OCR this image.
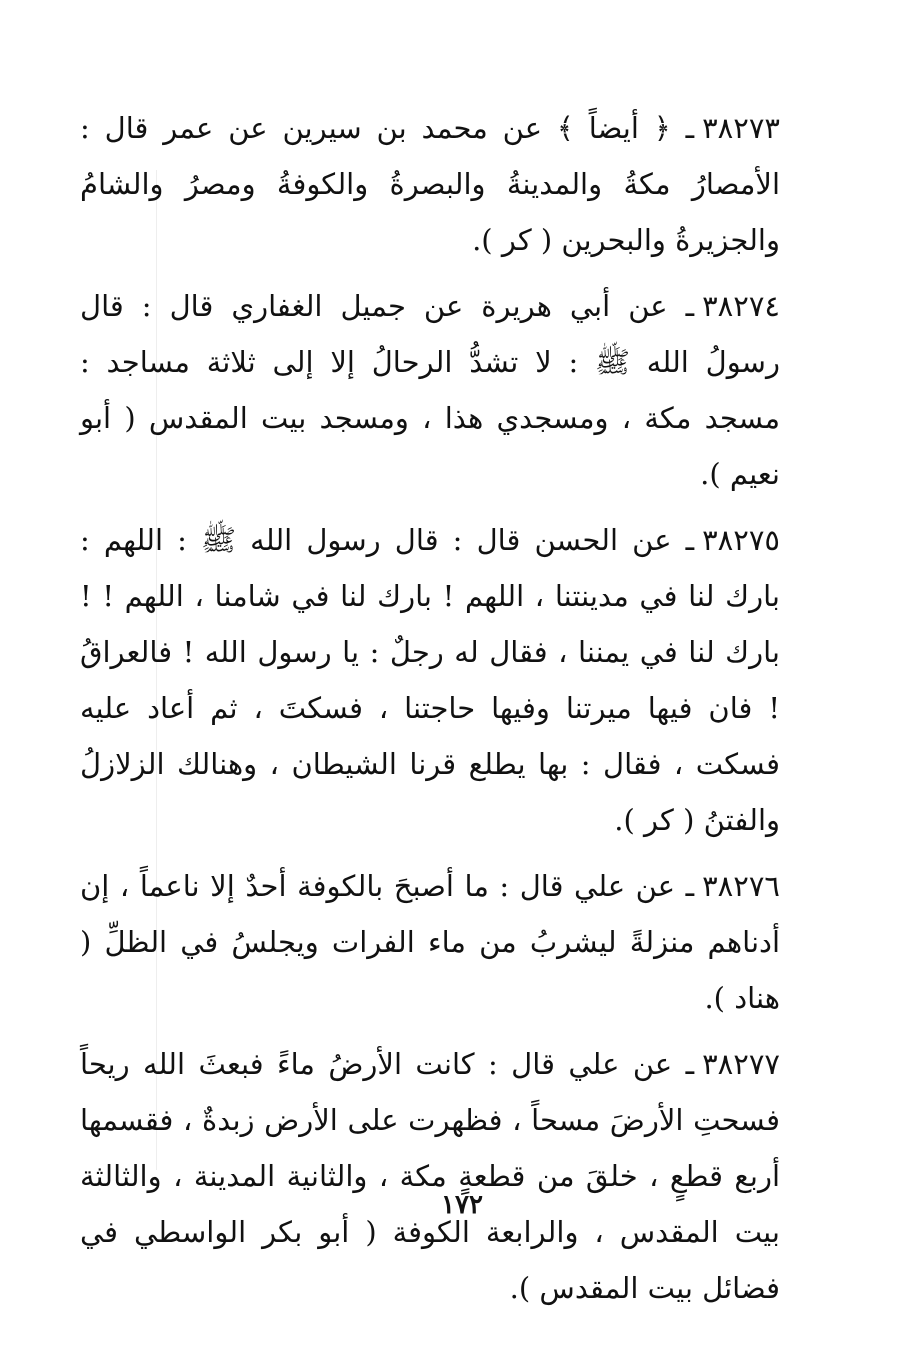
٣٨٢٧٣ـ ﴿ أيضاً ﴾ عن محمد بن سيرين عن عمر قال : الأمصارُ مكةُ والمدينةُ والبصرةُ والكوفةُ ومصرُ والشامُ والجزيرةُ والبحرين ( كر ).

٣٨٢٧٤ـ عن أبي هريرة عن جميل الغفاري قال : قال رسولُ الله ﷺ : لا تشدُّ الرحالُ إلا إلى ثلاثة مساجد : مسجد مكة ، ومسجدي هذا ، ومسجد بيت المقدس ( أبو نعيم ).

٣٨٢٧٥ـ عن الحسن قال : قال رسول الله ﷺ : اللهم : بارك لنا في مدينتنا ، اللهم ! بارك لنا في شامنا ، اللهم ! ! بارك لنا في يمننا ، فقال له رجلٌ : يا رسول الله ! فالعراقُ ! فان فيها ميرتنا وفيها حاجتنا ، فسكتَ ، ثم أعاد عليه فسكت ، فقال : بها يطلع قرنا الشيطان ، وهنالك الزلازلُ والفتنُ ( كر ).

٣٨٢٧٦ـ عن علي قال : ما أصبحَ بالكوفة أحدٌ إلا ناعماً ، إن أدناهم منزلةً ليشربُ من ماء الفرات ويجلسُ في الظلِّ ( هناد ).

٣٨٢٧٧ـ عن علي قال : كانت الأرضُ ماءً فبعثَ الله ريحاً فسحتِ الأرضَ مسحاً ، فظهرت على الأرض زبدةٌ ، فقسمها أربع قطعٍ ، خلقَ من قطعةٍ مكة ، والثانية المدينة ، والثالثة بيت المقدس ، والرابعة الكوفة ( أبو بكر الواسطي في فضائل بيت المقدس ).

١٧٢
